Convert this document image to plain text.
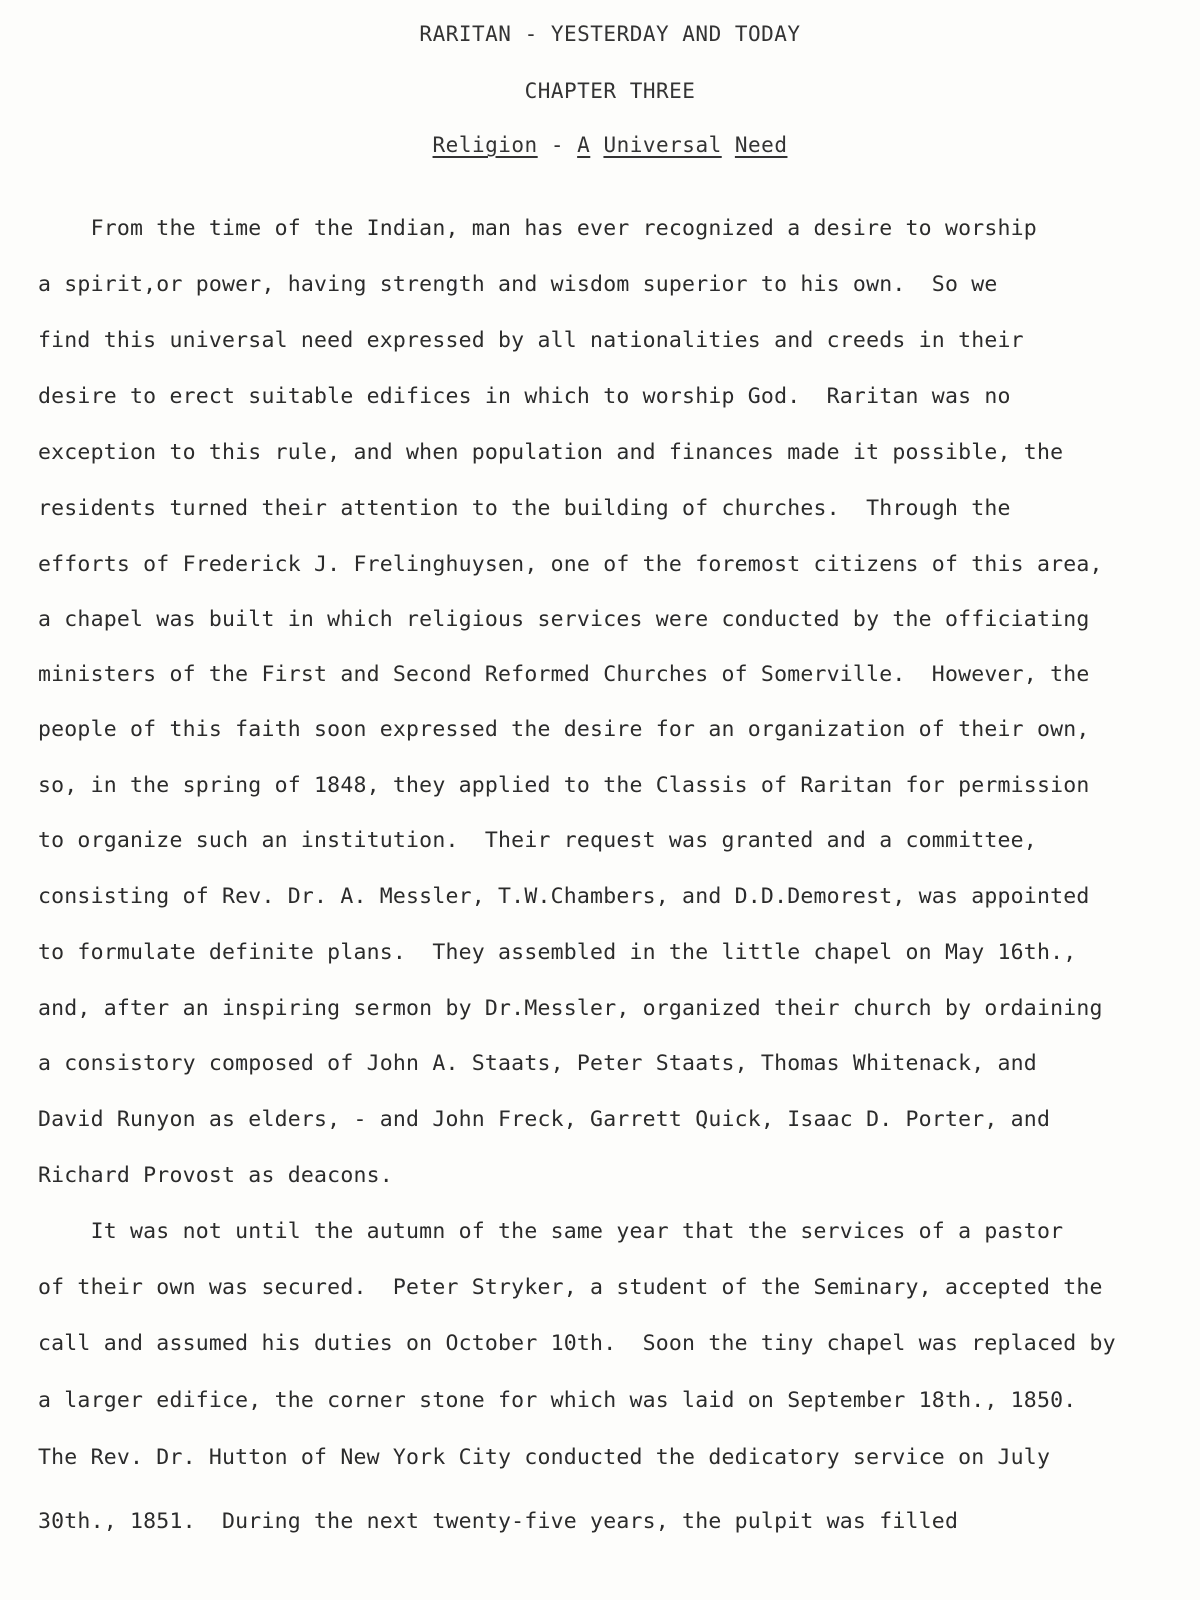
RARITAN - YESTERDAY AND TODAY
CHAPTER THREE
Religion - A Universal Need
From the time of the Indian, man has ever recognized a desire to worship
a spirit,or power, having strength and wisdom superior to his own.  So we
find this universal need expressed by all nationalities and creeds in their
desire to erect suitable edifices in which to worship God.  Raritan was no
exception to this rule, and when population and finances made it possible, the
residents turned their attention to the building of churches.  Through the
efforts of Frederick J. Frelinghuysen, one of the foremost citizens of this area,
a chapel was built in which religious services were conducted by the officiating
ministers of the First and Second Reformed Churches of Somerville.  However, the
people of this faith soon expressed the desire for an organization of their own,
so, in the spring of 1848, they applied to the Classis of Raritan for permission
to organize such an institution.  Their request was granted and a committee,
consisting of Rev. Dr. A. Messler, T.W.Chambers, and D.D.Demorest, was appointed
to formulate definite plans.  They assembled in the little chapel on May 16th.,
and, after an inspiring sermon by Dr.Messler, organized their church by ordaining
a consistory composed of John A. Staats, Peter Staats, Thomas Whitenack, and
David Runyon as elders, - and John Freck, Garrett Quick, Isaac D. Porter, and
Richard Provost as deacons.
It was not until the autumn of the same year that the services of a pastor
of their own was secured.  Peter Stryker, a student of the Seminary, accepted the
call and assumed his duties on October 10th.  Soon the tiny chapel was replaced by
a larger edifice, the corner stone for which was laid on September 18th., 1850.
The Rev. Dr. Hutton of New York City conducted the dedicatory service on July
30th., 1851.  During the next twenty-five years, the pulpit was filled
